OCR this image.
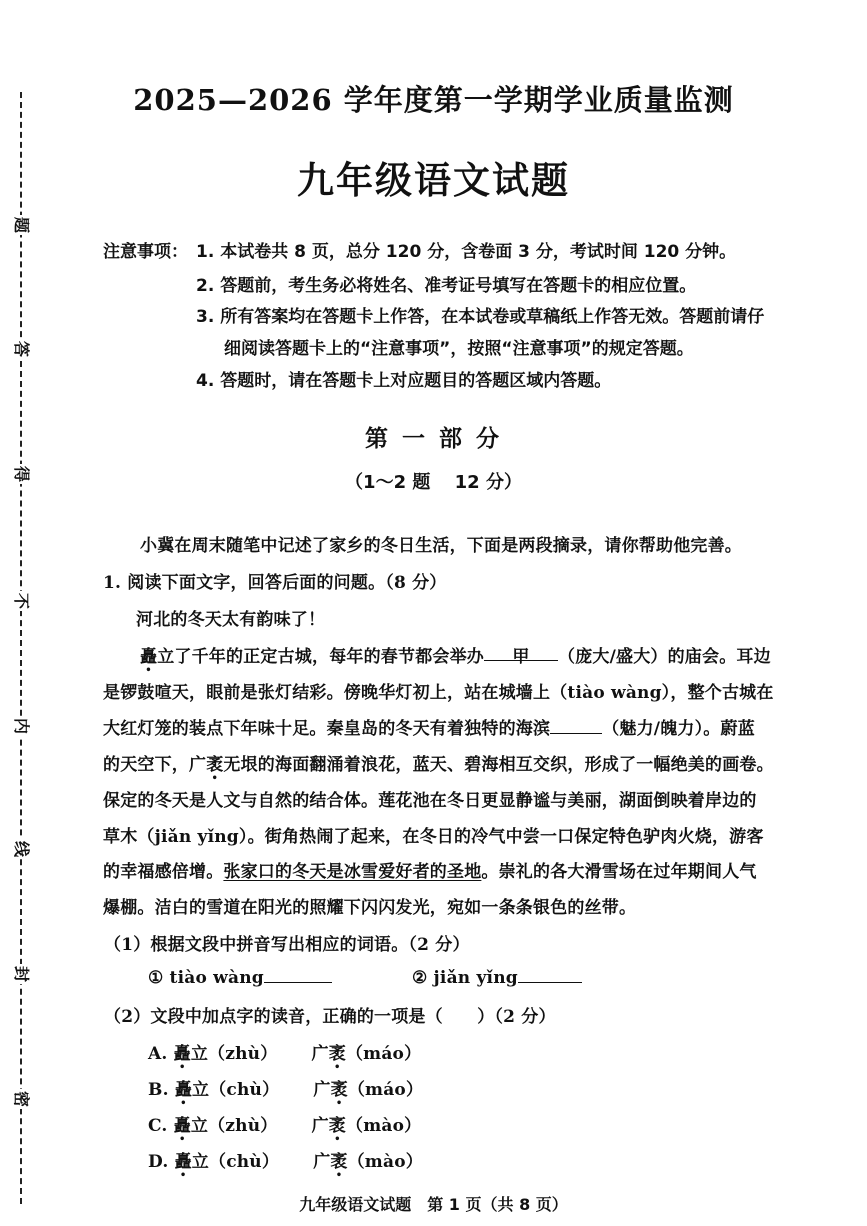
题
答
得
不
内
线
封
密
2025—2026 学年度第一学期学业质量监测
九年级语文试题
注意事项： 1. 本试卷共 8 页，总分 120 分，含卷面 3 分，考试时间 120 分钟。
2. 答题前，考生务必将姓名、准考证号填写在答题卡的相应位置。
3. 所有答案均在答题卡上作答，在本试卷或草稿纸上作答无效。答题前请仔
细阅读答题卡上的“注意事项”，按照“注意事项”的规定答题。
4. 答题时，请在答题卡上对应题目的答题区域内答题。
第 一 部 分
（1～2 题　 12 分）
小冀在周末随笔中记述了家乡的冬日生活，下面是两段摘录，请你帮助他完善。
1. 阅读下面文字，回答后面的问题。（8 分）
河北的冬天太有韵味了！
矗立了千年的正定古城，每年的春节都会举办 甲 （庞大/盛大）的庙会。耳边
是锣鼓喧天，眼前是张灯结彩。傍晚华灯初上，站在城墙上（tiào wàng），整个古城在
大红灯笼的装点下年味十足。秦皇岛的冬天有着独特的海滨	（魅力/魄力）。蔚蓝
的天空下，广袤无垠的海面翻涌着浪花，蓝天、碧海相互交织，形成了一幅绝美的画卷。
保定的冬天是人文与自然的结合体。莲花池在冬日更显静谧与美丽，湖面倒映着岸边的
草木（jiǎn yǐng）。街角热闹了起来，在冬日的冷气中尝一口保定特色驴肉火烧，游客
的幸福感倍增。张家口的冬天是冰雪爱好者的圣地。崇礼的各大滑雪场在过年期间人气
爆棚。洁白的雪道在阳光的照耀下闪闪发光，宛如一条条银色的丝带。
（1）根据文段中拼音写出相应的词语。（2 分）
① tiào wàng	② jiǎn yǐng
（2）文段中加点字的读音，正确的一项是（　　）（2 分）
A. 矗立（zhù） 广袤（máo）
B. 矗立（chù） 广袤（máo）
C. 矗立（zhù） 广袤（mào）
D. 矗立（chù） 广袤（mào）
九年级语文试题　第 1 页（共 8 页）
